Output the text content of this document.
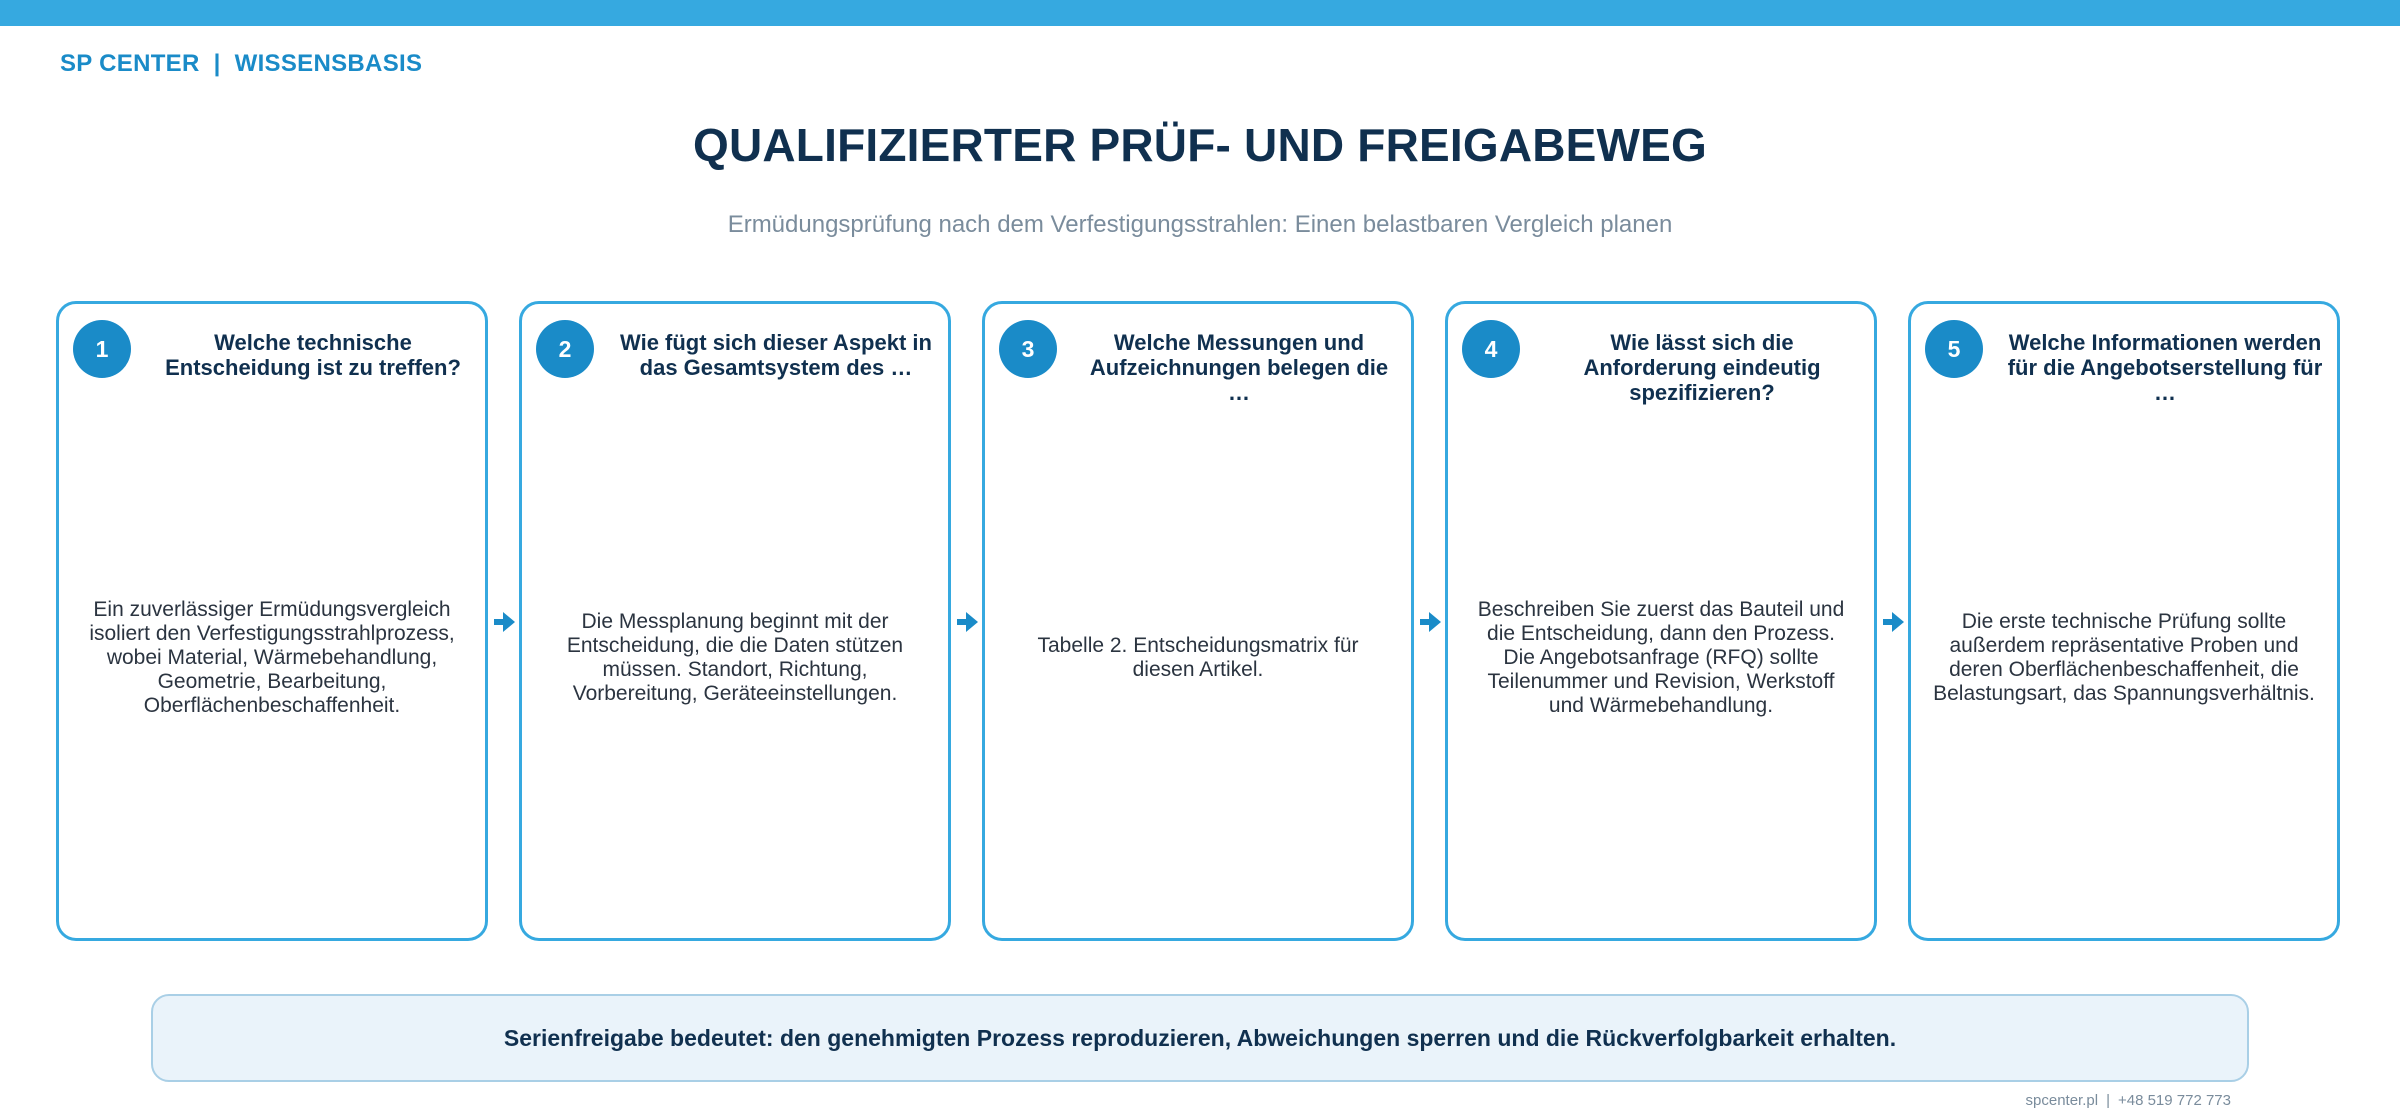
SP CENTER | WISSENSBASIS
QUALIFIZIERTER PRÜF- UND FREIGABEWEG
Ermüdungsprüfung nach dem Verfestigungsstrahlen: Einen belastbaren Vergleich planen
1	Welche technische Entscheidung ist zu treffen?
Ein zuverlässiger Ermüdungsvergleich isoliert den Verfestigungsstrahlprozess, wobei Material, Wärmebehandlung, Geometrie, Bearbeitung, Oberflächenbeschaffenheit.
2	Wie fügt sich dieser Aspekt in das Gesamtsystem des …
Die Messplanung beginnt mit der Entscheidung, die die Daten stützen müssen. Standort, Richtung, Vorbereitung, Geräteeinstellungen.
3	Welche Messungen und Aufzeichnungen belegen die …
Tabelle 2. Entscheidungsmatrix für diesen Artikel.
4	Wie lässt sich die Anforderung eindeutig spezifizieren?
Beschreiben Sie zuerst das Bauteil und die Entscheidung, dann den Prozess. Die Angebotsanfrage (RFQ) sollte Teilenummer und Revision, Werkstoff und Wärmebehandlung.
5	Welche Informationen werden für die Angebotserstellung für …
Die erste technische Prüfung sollte außerdem repräsentative Proben und deren Oberflächenbeschaffenheit, die Belastungsart, das Spannungsverhältnis.
Serienfreigabe bedeutet: den genehmigten Prozess reproduzieren, Abweichungen sperren und die Rückverfolgbarkeit erhalten.
spcenter.pl | +48 519 772 773
